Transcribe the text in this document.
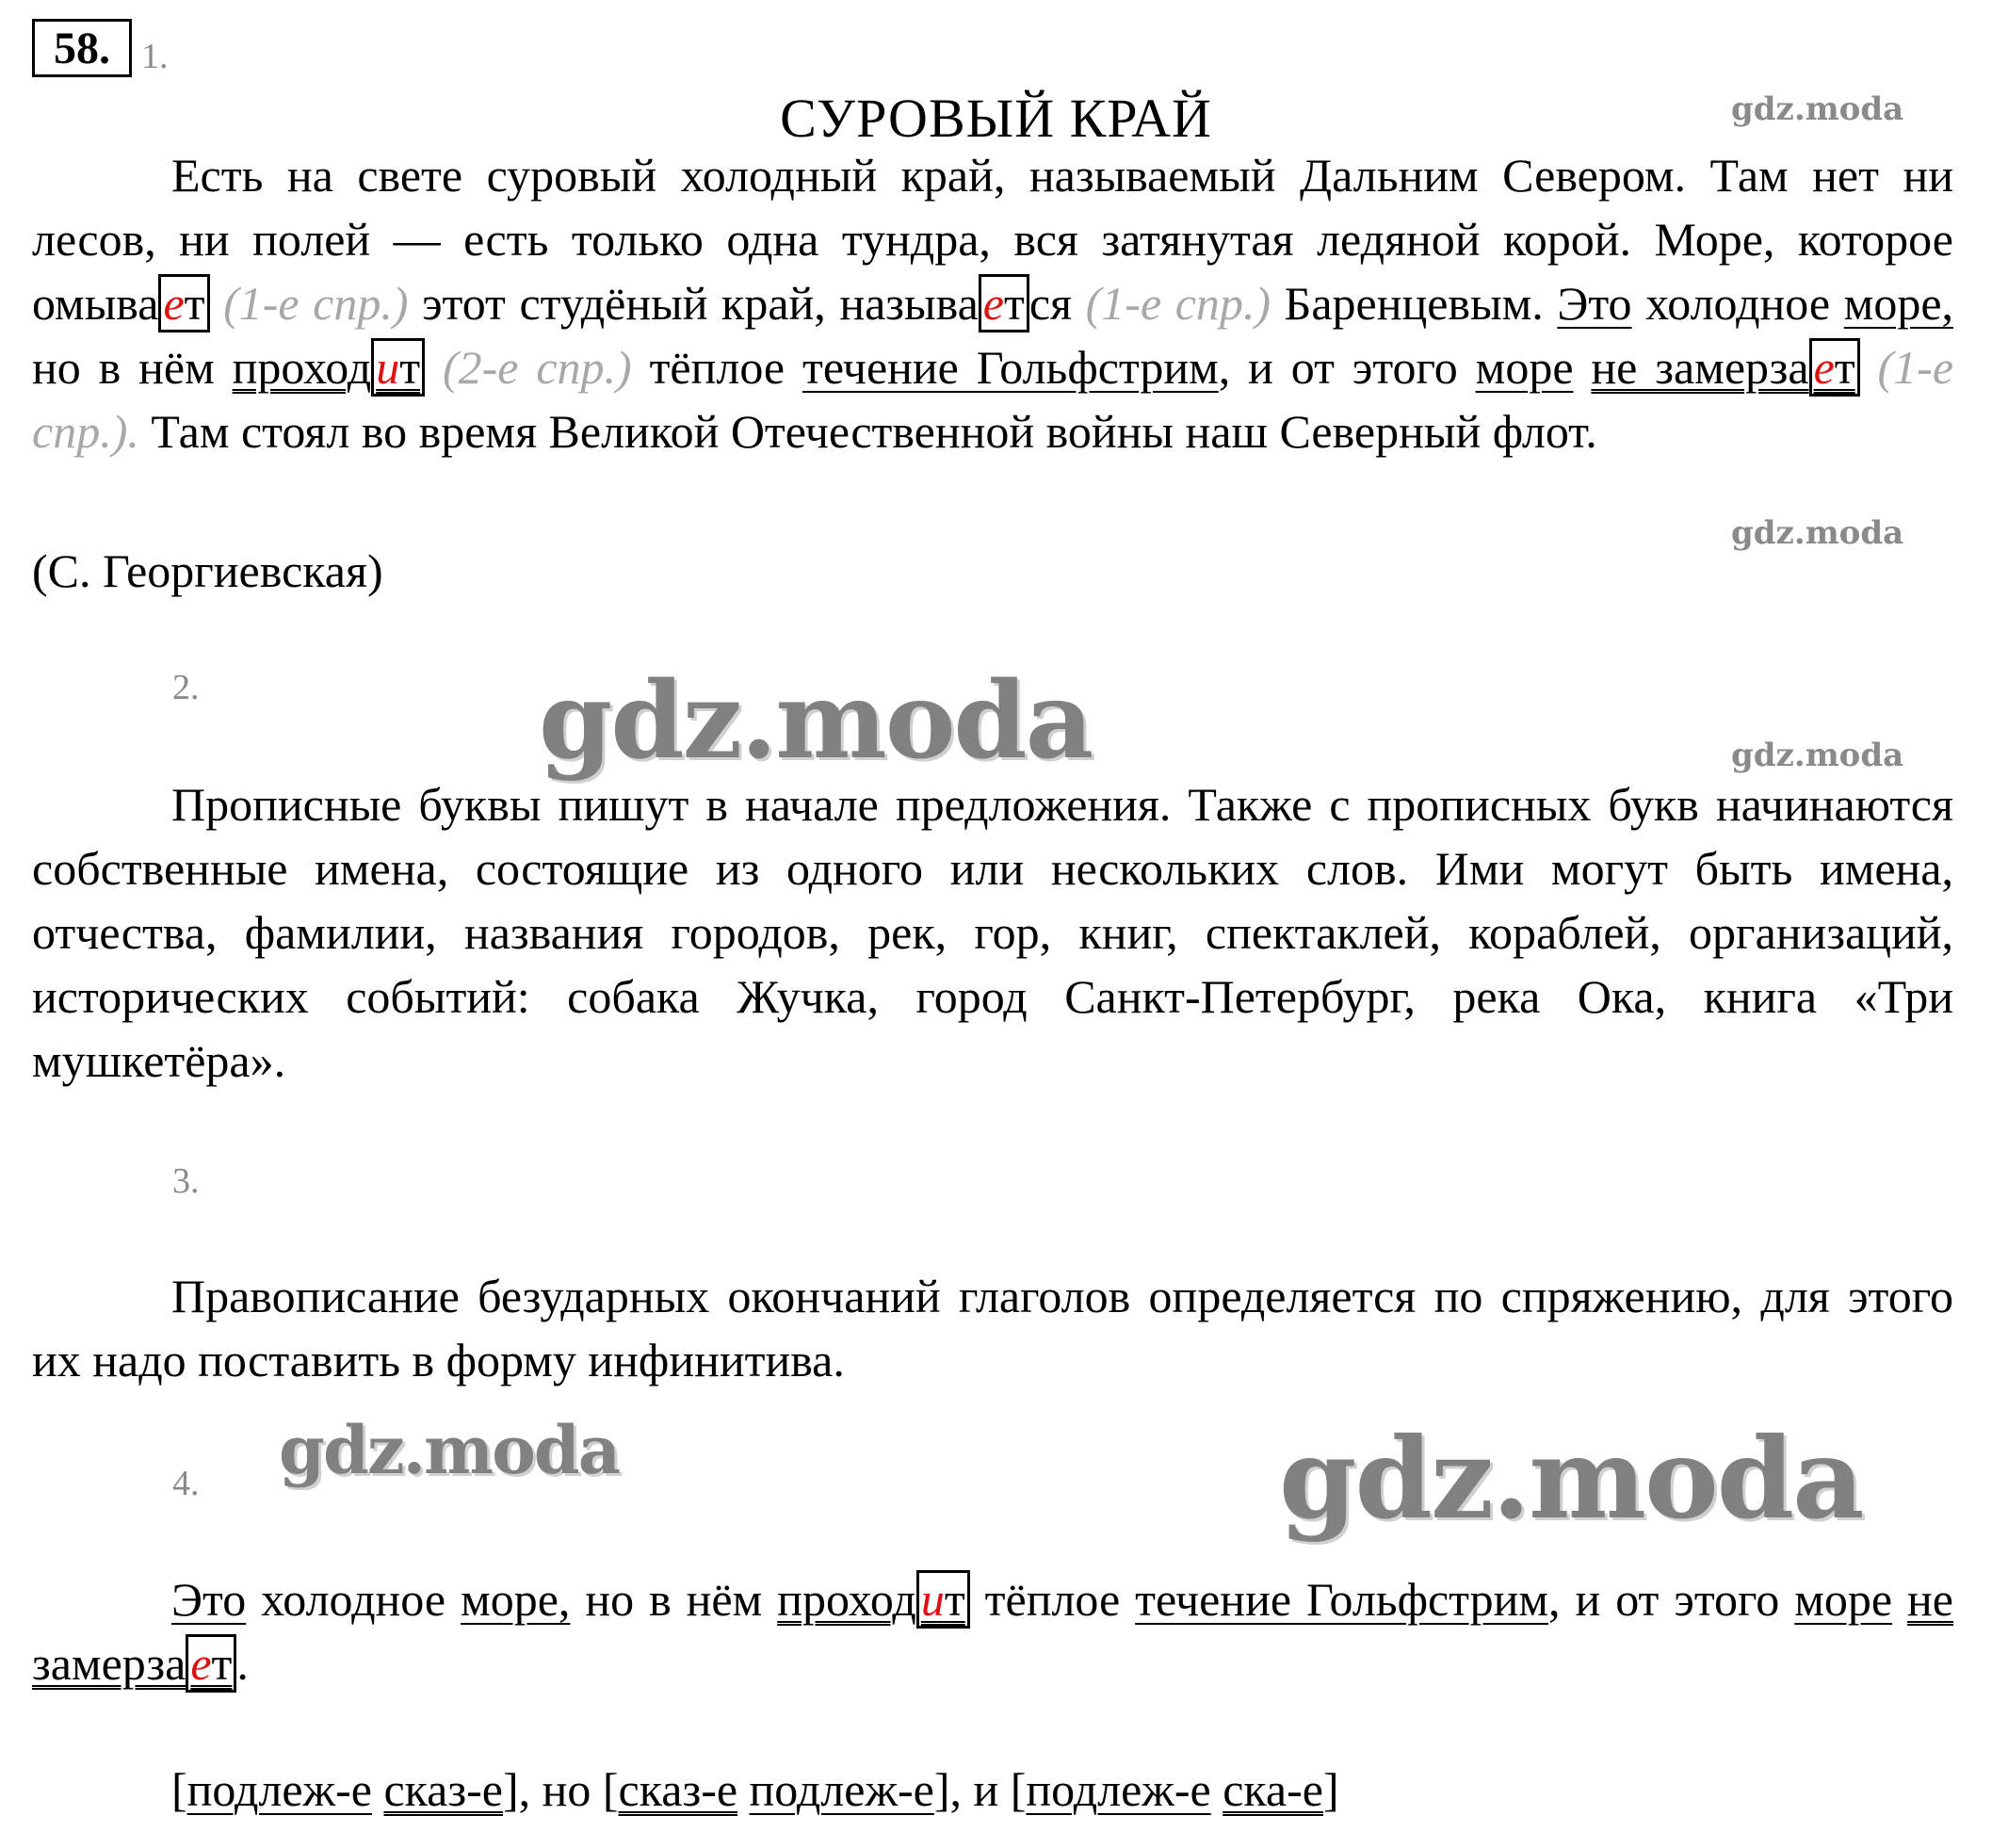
58. 1.
СУРОВЫЙ КРАЙ
Есть на свете суровый холодный край, называемый Дальним Севером. Там нет ни лесов, ни полей — есть только одна тундра, вся затянутая ледяной корой. Море, которое омыва ет (1-е спр.) этот студёный край, называ ет ся (1-е спр.) Баренцевым. Это холодное море, но в нём проход ит (2-е спр.) тёплое течение Гольфстрим, и от этого море не замерза ет (1-е спр.). Там стоял во время Великой Отечественной войны наш Северный флот.
(С. Георгиевская)
2.
Прописные буквы пишут в начале предложения. Также с прописных букв начинаются собственные имена, состоящие из одного или нескольких слов. Ими могут быть имена, отчества, фамилии, названия городов, рек, гор, книг, спектаклей, кораблей, организаций, исторических событий: собака Жучка, город Санкт-Петербург, река Ока, книга «Три мушкетёра».
3.
Правописание безударных окончаний глаголов определяется по спряжению, для этого их надо поставить в форму инфинитива.
4.
Это холодное море, но в нём проход ит тёплое течение Гольфстрим, и от этого море не замерза ет .
[подлеж-е сказ-е], но [сказ-е подлеж-е], и [подлеж-е ска-е]
gdz.moda
gdz.moda
gdz.moda
gdz.moda
gdz.moda	gdz.moda
